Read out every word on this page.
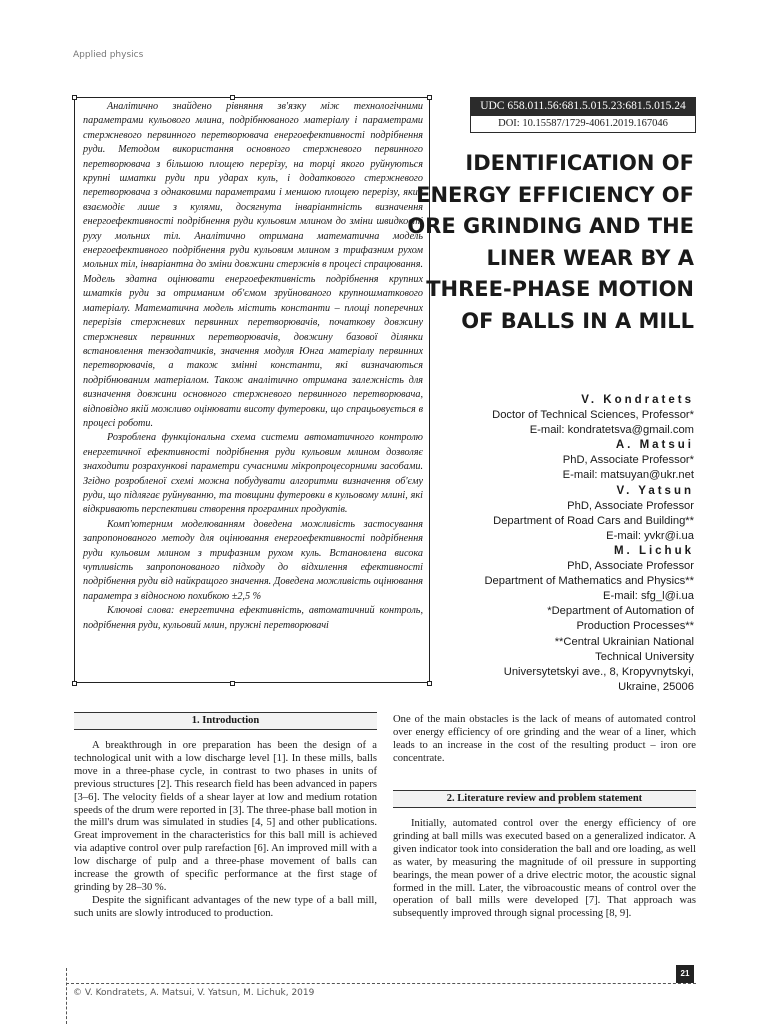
Applied physics

Аналітично знайдено рівняння зв'язку між технологічними параметрами кульового млина, подрібнюваного матеріалу і параметрами стержневого первинного перетворювача енергоефективності подрібнення руди. Методом використання основного стержневого первинного перетворювача з більшою площею перерізу, на торці якого руйнуються крупні шматки руди при ударах куль, і додаткового стержневого перетворювача з однаковими параметрами і меншою площею перерізу, який взаємодіє лише з кулями, досягнута інваріантність визначення енергоефективності подрібнення руди кульовим млином до зміни швидкості руху мольних тіл. Аналітично отримана математична модель енергоефективного подрібнення руди кульовим млином з трифазним рухом мольних тіл, інваріантна до зміни довжини стержнів в процесі спрацювання. Модель здатна оцінювати енергоефективність подрібнення крупних шматків руди за отриманим об'ємом зруйнованого крупношматкового матеріалу. Математична модель містить константи – площі поперечних перерізів стержневих первинних перетворювачів, початкову довжину стержневих первинних перетворювачів, довжину базової ділянки встановлення тензодатчиків, значення модуля Юнга матеріалу первинних перетворювачів, а також змінні константи, які визначаються подрібнюваним матеріалом. Також аналітично отримана залежність для визначення довжини основного стержневого первинного перетворювача, відповідно якій можливо оцінювати висоту футеровки, що спрацьовується в процесі роботи.

Розроблена функціональна схема системи автоматичного контролю енергетичної ефективності подрібнення руди кульовим млином дозволяє знаходити розрахункові параметри сучасними мікропроцесорними засобами. Згідно розробленої схемі можна побудувати алгоритми визначення об'єму руди, що підлягає руйнуванню, та товщини футеровки в кульовому млині, які відкривають перспективи створення програмних продуктів.

Комп'ютерним моделюванням доведена можливість застосування запропонованого методу для оцінювання енергоефективності подрібнення руди кульовим млином з трифазним рухом куль. Встановлена висока чутливість запропонованого підходу до відхилення ефективності подрібнення руди від найкращого значення. Доведена можливість оцінювання параметра з відносною похибкою ±2,5 %

Ключові слова: енергетична ефективність, автоматичний контроль, подрібнення руди, кульовий млин, пружні перетворювачі

UDC 658.011.56:681.5.015.23:681.5.015.24
DOI: 10.15587/1729-4061.2019.167046
IDENTIFICATION OF ENERGY EFFICIENCY OF ORE GRINDING AND THE LINER WEAR BY A THREE-PHASE MOTION OF BALLS IN A MILL
V. Kondratets
Doctor of Technical Sciences, Professor*
E-mail: kondratetsva@gmail.com
A. Matsui
PhD, Associate Professor*
E-mail: matsuyan@ukr.net
V. Yatsun
PhD, Associate Professor
Department of Road Cars and Building**
E-mail: yvkr@i.ua
M. Lichuk
PhD, Associate Professor
Department of Mathematics and Physics**
E-mail: sfg_l@i.ua
*Department of Automation of
Production Processes**
**Central Ukrainian National
Technical University
Universytetskyi ave., 8, Kropyvnytskyi,
Ukraine, 25006
1. Introduction

A breakthrough in ore preparation has been the design of a technological unit with a low discharge level [1]. In these mills, balls move in a three-phase cycle, in contrast to two phases in units of previous structures [2]. This research field has been advanced in papers [3–6]. The velocity fields of a shear layer at low and medium rotation speeds of the drum were reported in [3]. The three-phase ball motion in the mill's drum was simulated in studies [4, 5] and other publications. Great improvement in the characteristics for this ball mill is achieved via adaptive control over pulp rarefaction [6]. An improved mill with a low discharge of pulp and a three-phase movement of balls can increase the growth of specific performance at the first stage of grinding by 28–30 %.

Despite the significant advantages of the new type of a ball mill, such units are slowly introduced to production.

One of the main obstacles is the lack of means of automated control over energy efficiency of ore grinding and the wear of a liner, which leads to an increase in the cost of the resulting product – iron ore concentrate.

2. Literature review and problem statement

Initially, automated control over the energy efficiency of ore grinding at ball mills was executed based on a generalized indicator. A given indicator took into consideration the ball and ore loading, as well as water, by measuring the magnitude of oil pressure in supporting bearings, the mean power of a drive electric motor, the acoustic signal formed in the mill. Later, the vibroacoustic means of control over the operation of ball mills were developed [7]. That approach was subsequently improved through signal processing [8, 9].

21
© V. Kondratets, A. Matsui, V. Yatsun, M. Lichuk, 2019
